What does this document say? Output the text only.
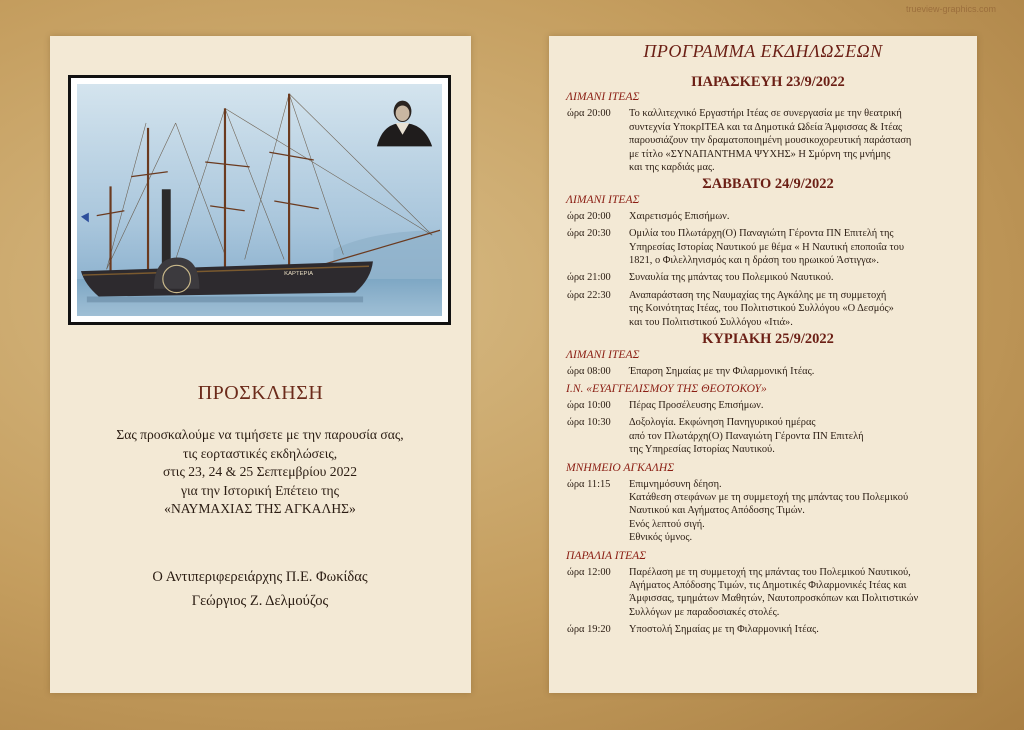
trueview-graphics.com
ΚΑΡΤΕΡΙΑ
ΠΡΟΣΚΛΗΣΗ
Σας προσκαλούμε να τιμήσετε με την παρουσία σας,
τις εορταστικές εκδηλώσεις,
στις 23, 24 & 25 Σεπτεμβρίου 2022
για την Ιστορική Επέτειο της
«ΝΑΥΜΑΧΙΑΣ ΤΗΣ ΑΓΚΑΛΗΣ»
Ο Αντιπεριφερειάρχης Π.Ε. Φωκίδας
Γεώργιος Ζ. Δελμούζος
ΠΡΟΓΡΑΜΜΑ ΕΚΔΗΛΩΣΕΩΝ
ΠΑΡΑΣΚΕΥΗ 23/9/2022
ΛΙΜΑΝΙ ΙΤΕΑΣ
ώρα 20:00	Το καλλιτεχνικό Εργαστήρι Ιτέας σε συνεργασία με την θεατρική
συντεχνία ΥποκρΙΤΕΑ και τα Δημοτικά Ωδεία Άμφισσας & Ιτέας
παρουσιάζουν την δραματοποιημένη μουσικοχορευτική παράσταση
με τίτλο «ΣΥΝΑΠΑΝΤΗΜΑ ΨΥΧΗΣ» Η Σμύρνη της μνήμης
και της καρδιάς μας.
ΣΑΒΒΑΤΟ 24/9/2022
ΛΙΜΑΝΙ ΙΤΕΑΣ
ώρα 20:00	Χαιρετισμός Επισήμων.
ώρα 20:30	Ομιλία του Πλωτάρχη(Ο) Παναγιώτη Γέροντα ΠΝ Επιτελή της
Υπηρεσίας Ιστορίας Ναυτικού με θέμα « Η Ναυτική εποποιΐα του
1821, ο Φιλελληνισμός και η δράση του ηρωικού Άστιγγα».
ώρα 21:00	Συναυλία της μπάντας του Πολεμικού Ναυτικού.
ώρα 22:30	Αναπαράσταση της Ναυμαχίας της Αγκάλης με τη συμμετοχή
της Κοινότητας Ιτέας, του Πολιτιστικού Συλλόγου «Ο Δεσμός»
και του Πολιτιστικού Συλλόγου «Ιτιά».
ΚΥΡΙΑΚΗ 25/9/2022
ΛΙΜΑΝΙ ΙΤΕΑΣ
ώρα 08:00	Έπαρση Σημαίας με την Φιλαρμονική Ιτέας.
Ι.Ν. «ΕΥΑΓΓΕΛΙΣΜΟΥ ΤΗΣ ΘΕΟΤΟΚΟΥ»
ώρα 10:00	Πέρας Προσέλευσης Επισήμων.
ώρα 10:30	Δοξολογία. Εκφώνηση Πανηγυρικού ημέρας
από τον Πλωτάρχη(Ο) Παναγιώτη Γέροντα ΠΝ Επιτελή
της Υπηρεσίας Ιστορίας Ναυτικού.
ΜΝΗΜΕΙΟ ΑΓΚΑΛΗΣ
ώρα 11:15	Επιμνημόσυνη δέηση.
Κατάθεση στεφάνων με τη συμμετοχή της μπάντας του Πολεμικού
Ναυτικού και Αγήματος Απόδοσης Τιμών.
Ενός λεπτού σιγή.
Εθνικός ύμνος.
ΠΑΡΑΛΙΑ ΙΤΕΑΣ
ώρα 12:00	Παρέλαση με τη συμμετοχή της μπάντας του Πολεμικού Ναυτικού,
Αγήματος Απόδοσης Τιμών, τις Δημοτικές Φιλαρμονικές Ιτέας και
Άμφισσας, τμημάτων Μαθητών, Ναυτοπροσκόπων και Πολιτιστικών
Συλλόγων με παραδοσιακές στολές.
ώρα 19:20	Υποστολή Σημαίας με τη Φιλαρμονική Ιτέας.
